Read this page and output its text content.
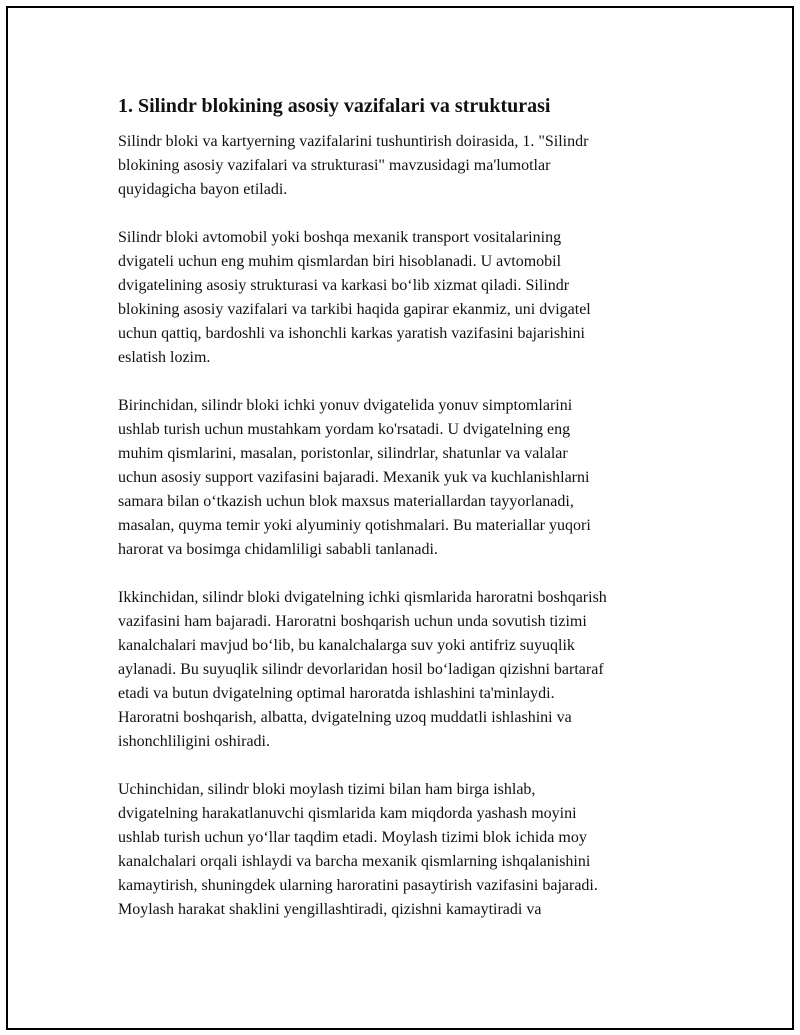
1. Silindr blokining asosiy vazifalari va strukturasi
Silindr bloki va kartyerning vazifalarini tushuntirish doirasida, 1. "Silindr
blokining asosiy vazifalari va strukturasi" mavzusidagi ma'lumotlar
quyidagicha bayon etiladi.
Silindr bloki avtomobil yoki boshqa mexanik transport vositalarining
dvigateli uchun eng muhim qismlardan biri hisoblanadi. U avtomobil
dvigatelining asosiy strukturasi va karkasi bo‘lib xizmat qiladi. Silindr
blokining asosiy vazifalari va tarkibi haqida gapirar ekanmiz, uni dvigatel
uchun qattiq, bardoshli va ishonchli karkas yaratish vazifasini bajarishini
eslatish lozim.
Birinchidan, silindr bloki ichki yonuv dvigatelida yonuv simptomlarini
ushlab turish uchun mustahkam yordam ko'rsatadi. U dvigatelning eng
muhim qismlarini, masalan, poristonlar, silindrlar, shatunlar va valalar
uchun asosiy support vazifasini bajaradi. Mexanik yuk va kuchlanishlarni
samara bilan o‘tkazish uchun blok maxsus materiallardan tayyorlanadi,
masalan, quyma temir yoki alyuminiy qotishmalari. Bu materiallar yuqori
harorat va bosimga chidamliligi sababli tanlanadi.
Ikkinchidan, silindr bloki dvigatelning ichki qismlarida haroratni boshqarish
vazifasini ham bajaradi. Haroratni boshqarish uchun unda sovutish tizimi
kanalchalari mavjud bo‘lib, bu kanalchalarga suv yoki antifriz suyuqlik
aylanadi. Bu suyuqlik silindr devorlaridan hosil bo‘ladigan qizishni bartaraf
etadi va butun dvigatelning optimal haroratda ishlashini ta'minlaydi.
Haroratni boshqarish, albatta, dvigatelning uzoq muddatli ishlashini va
ishonchliligini oshiradi.
Uchinchidan, silindr bloki moylash tizimi bilan ham birga ishlab,
dvigatelning harakatlanuvchi qismlarida kam miqdorda yashash moyini
ushlab turish uchun yo‘llar taqdim etadi. Moylash tizimi blok ichida moy
kanalchalari orqali ishlaydi va barcha mexanik qismlarning ishqalanishini
kamaytirish, shuningdek ularning haroratini pasaytirish vazifasini bajaradi.
Moylash harakat shaklini yengillashtiradi, qizishni kamaytiradi va
